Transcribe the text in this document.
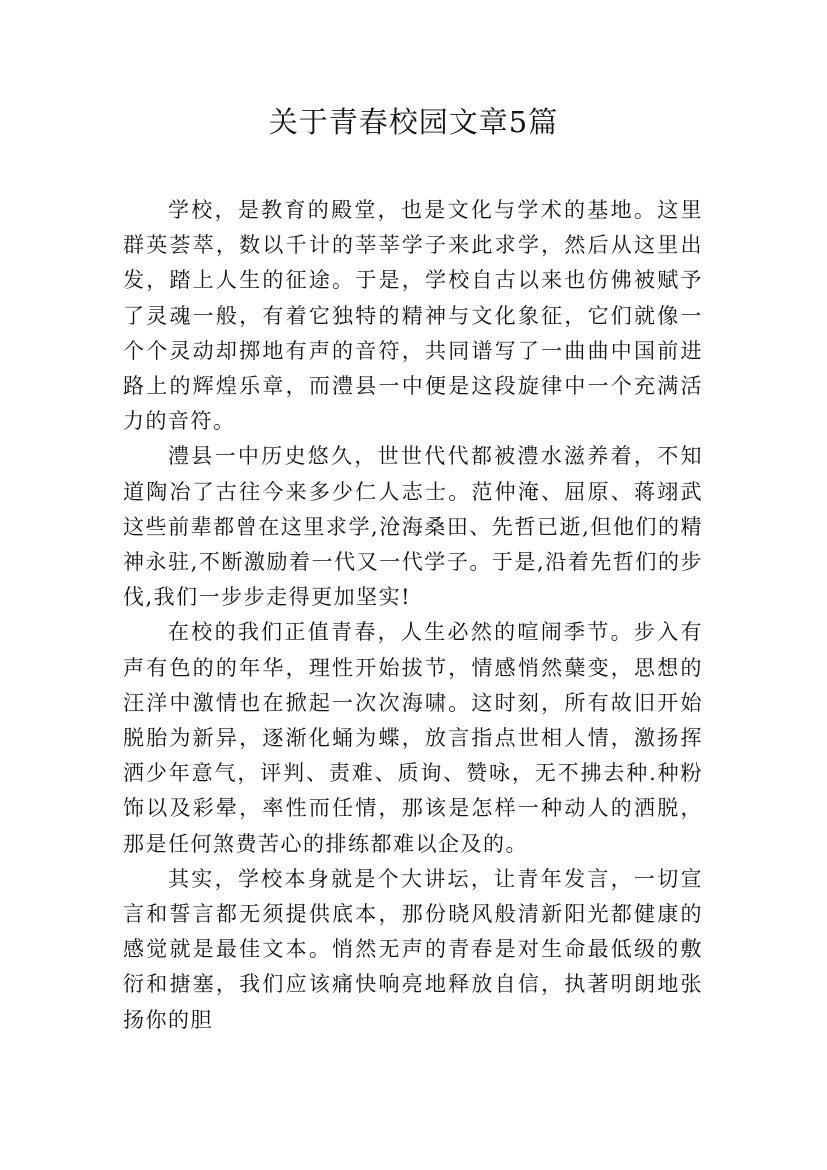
关于青春校园文章5篇

学校，是教育的殿堂，也是文化与学术的基地。这里群英荟萃，数以千计的莘莘学子来此求学，然后从这里出发，踏上人生的征途。于是，学校自古以来也仿佛被赋予了灵魂一般，有着它独特的精神与文化象征，它们就像一个个灵动却掷地有声的音符，共同谱写了一曲曲中国前进路上的辉煌乐章，而澧县一中便是这段旋律中一个充满活力的音符。

澧县一中历史悠久，世世代代都被澧水滋养着，不知道陶冶了古往今来多少仁人志士。范仲淹、屈原、蒋翊武这些前辈都曾在这里求学,沧海桑田、先哲已逝,但他们的精神永驻,不断激励着一代又一代学子。于是,沿着先哲们的步伐,我们一步步走得更加坚实!

在校的我们正值青春，人生必然的喧闹季节。步入有声有色的的年华，理性开始拔节，情感悄然蘖变，思想的汪洋中激情也在掀起一次次海啸。这时刻，所有故旧开始脱胎为新异，逐渐化蛹为蝶，放言指点世相人情，激扬挥洒少年意气，评判、责难、质询、赞咏，无不拂去种.种粉饰以及彩晕，率性而任情，那该是怎样一种动人的洒脱，那是任何煞费苦心的排练都难以企及的。

其实，学校本身就是个大讲坛，让青年发言，一切宣言和誓言都无须提供底本，那份晓风般清新阳光都健康的感觉就是最佳文本。悄然无声的青春是对生命最低级的敷衍和搪塞，我们应该痛快响亮地释放自信，执著明朗地张扬你的胆
